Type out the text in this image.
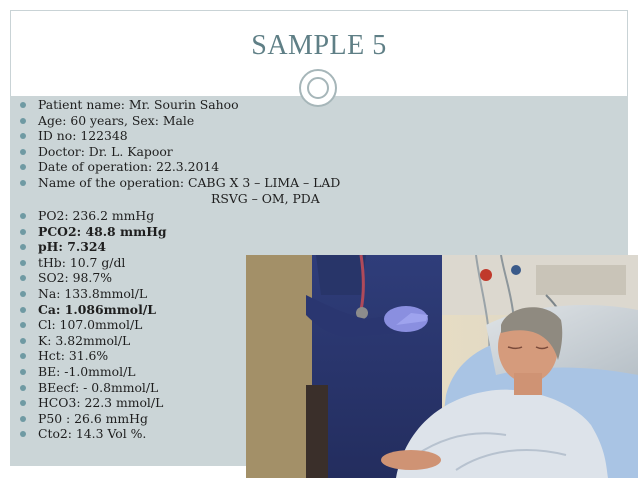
SAMPLE 5
Patient name: Mr. Sourin Sahoo
Age: 60 years, Sex: Male
ID no: 122348
Doctor: Dr. L. Kapoor
Date of operation: 22.3.2014
Name of the operation: CABG X 3 – LIMA – LAD
RSVG – OM, PDA
PO2: 236.2 mmHg
PCO2: 48.8 mmHg
pH: 7.324
tHb: 10.7 g/dl
SO2: 98.7%
Na: 133.8mmol/L
Ca: 1.086mmol/L
Cl: 107.0mmol/L
K: 3.82mmol/L
Hct: 31.6%
BE: -1.0mmol/L
BEecf: - 0.8mmol/L
HCO3: 22.3 mmol/L
P50 : 26.6 mmHg
Cto2: 14.3 Vol %.
